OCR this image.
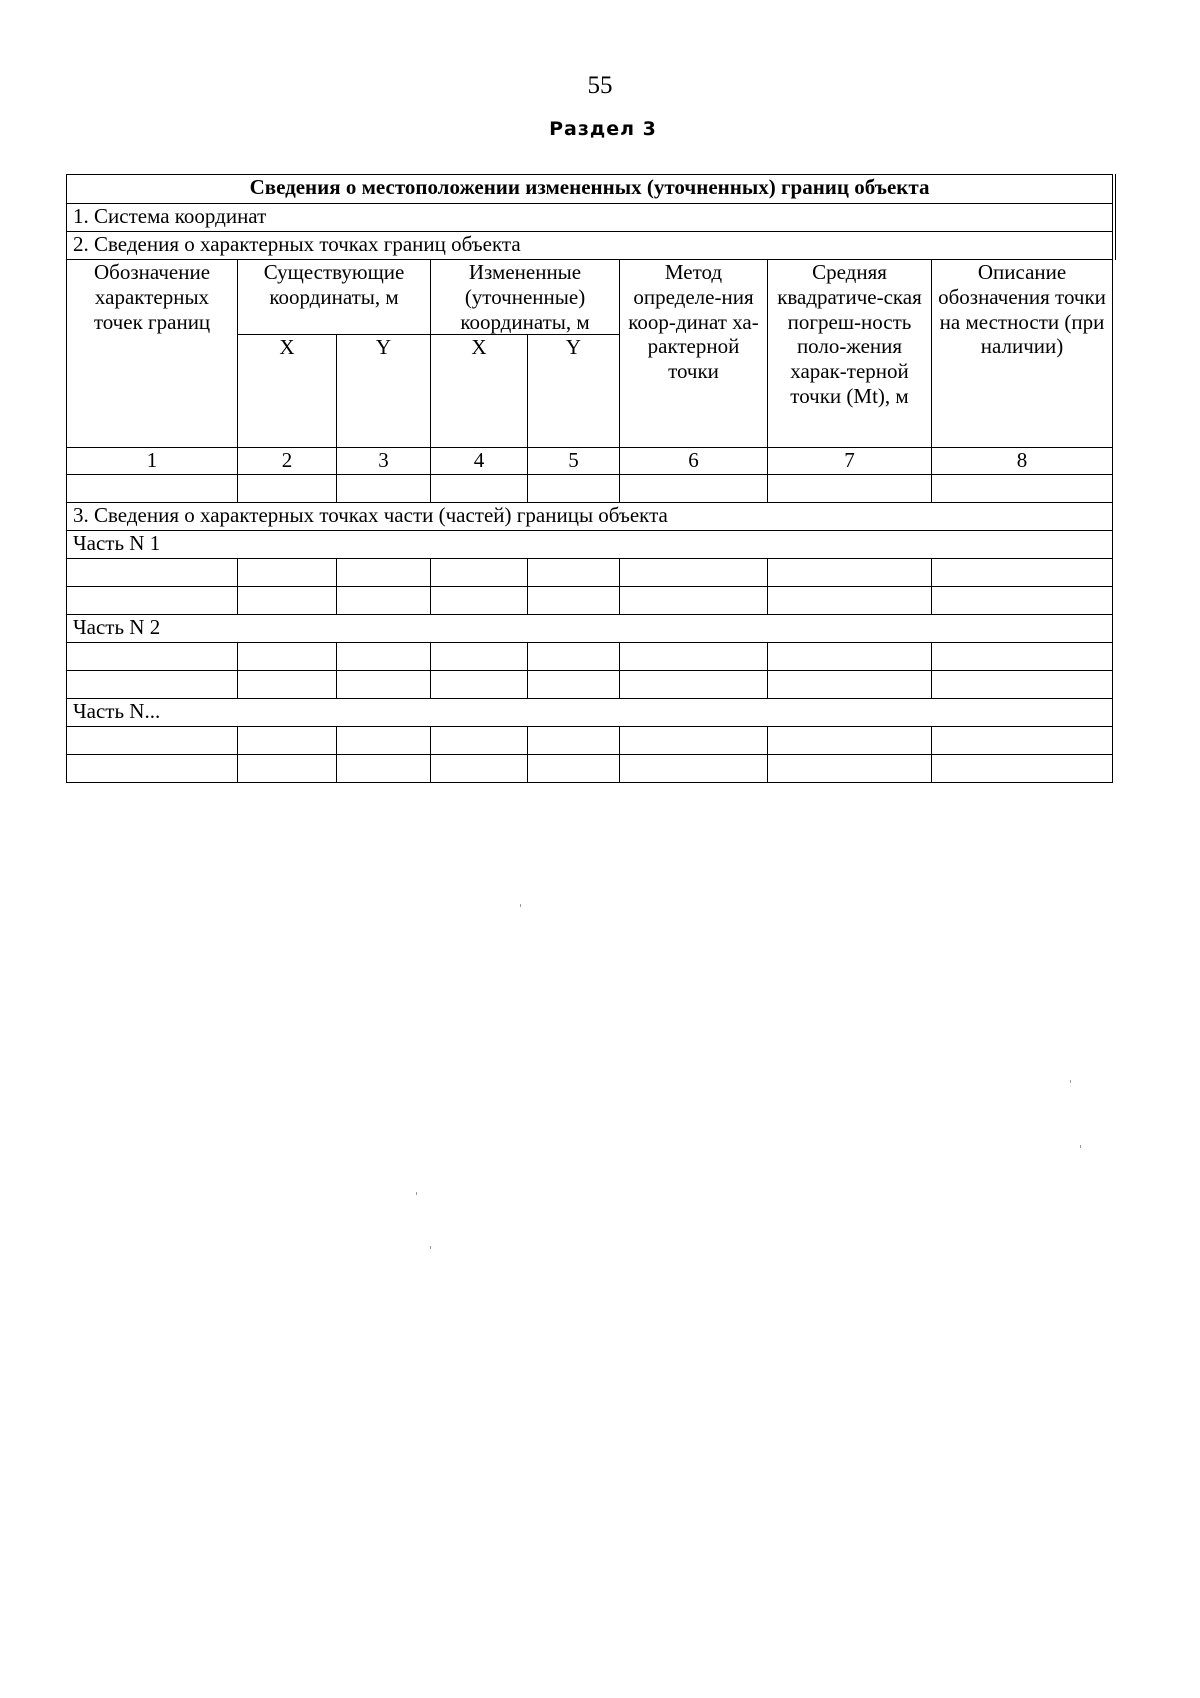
55
Раздел 3
Сведения о местоположении измененных (уточненных) границ объекта							
1. Система координат							
2. Сведения о характерных точках границ объекта							
Обозначение характерных точек границ	Существующие координаты, м		Измененные (уточненные) координаты, м		Метод определе-ния коор-динат ха-рактерной точки	Средняя квадратиче-ская погреш-ность поло-жения харак-терной точки (Mt), м	Описание обозначения точки на местности (при наличии)
	X	Y	X	Y			
1	2	3	4	5	6	7	8

3. Сведения о характерных точках части (частей) границы объекта							
Часть N 1							

Часть N 2							

Часть N...							
